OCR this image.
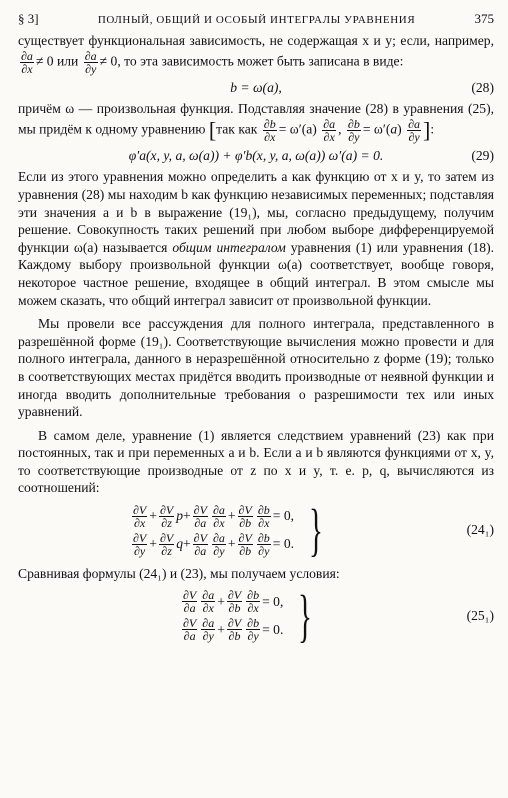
§ 3]	ПОЛНЫЙ, ОБЩИЙ И ОСОБЫЙ ИНТЕГРАЛЫ УРАВНЕНИЯ	375

существует функциональная зависимость, не содержащая x и y; если, например,
$\frac{\partial a}{\partial x} \ne 0$ или $\frac{\partial a}{\partial y} \ne 0$, то эта зависимость может быть записана в виде:

b = ω(a),	(28)

причём ω — произвольная функция. Подставляя значение (28) в уравнения (25), мы придём к одному уравнению [так как $\frac{\partial b}{\partial x} = \omega'(a) \frac{\partial a}{\partial x}$ , $\frac{\partial b}{\partial y} = \omega'(a) \frac{\partial a}{\partial y}$ ]:

φ′a(x, y, a, ω(a)) + φ′b(x, y, a, ω(a)) ω′(a) = 0.	(29)

Если из этого уравнения можно определить a как функцию от x и y, то затем из уравнения (28) мы находим b как функцию независимых переменных; подставляя эти значения a и b в выражение (19₁), мы, согласно предыдущему, получим решение. Совокупность таких решений при любом выборе дифференцируемой функции ω(a) называется общим интегралом уравнения (1) или уравнения (18). Каждому выбору произвольной функции ω(a) соответствует, вообще говоря, некоторое частное решение, входящее в общий интеграл. В этом смысле мы можем сказать, что общий интеграл зависит от произвольной функции.

Мы провели все рассуждения для полного интеграла, представленного в разрешённой форме (19₁). Соответствующие вычисления можно провести и для полного интеграла, данного в неразрешённой относительно z форме (19); только в соответствующих местах придётся вводить производные от неявной функции и иногда вводить дополнительные требования о разрешимости тех или иных уравнений.

В самом деле, уравнение (1) является следствием уравнений (23) как при постоянных, так и при переменных a и b. Если a и b являются функциями от x, y, то соответствующие производные от z по x и y, т. е. p, q, вычисляются из соотношений:

$\frac{\partial V}{\partial x} + \frac{\partial V}{\partial z}$ $p + \frac{\partial V}{\partial a} \frac{\partial a}{\partial x} + \frac{\partial V}{\partial b} \frac{\partial b}{\partial x} = 0$,
$\frac{\partial V}{\partial y} + \frac{\partial V}{\partial z}$ $q + \frac{\partial V}{\partial a} \frac{\partial a}{\partial y} + \frac{\partial V}{\partial b} \frac{\partial b}{\partial y} = 0$. }	(24₁)

Сравнивая формулы (24₁) и (23), мы получаем условия:

$\frac{\partial V}{\partial a} \frac{\partial a}{\partial x} + \frac{\partial V}{\partial b} \frac{\partial b}{\partial x} = 0$,
$\frac{\partial V}{\partial a} \frac{\partial a}{\partial y} + \frac{\partial V}{\partial b} \frac{\partial b}{\partial y} = 0$. }	(25₁)
